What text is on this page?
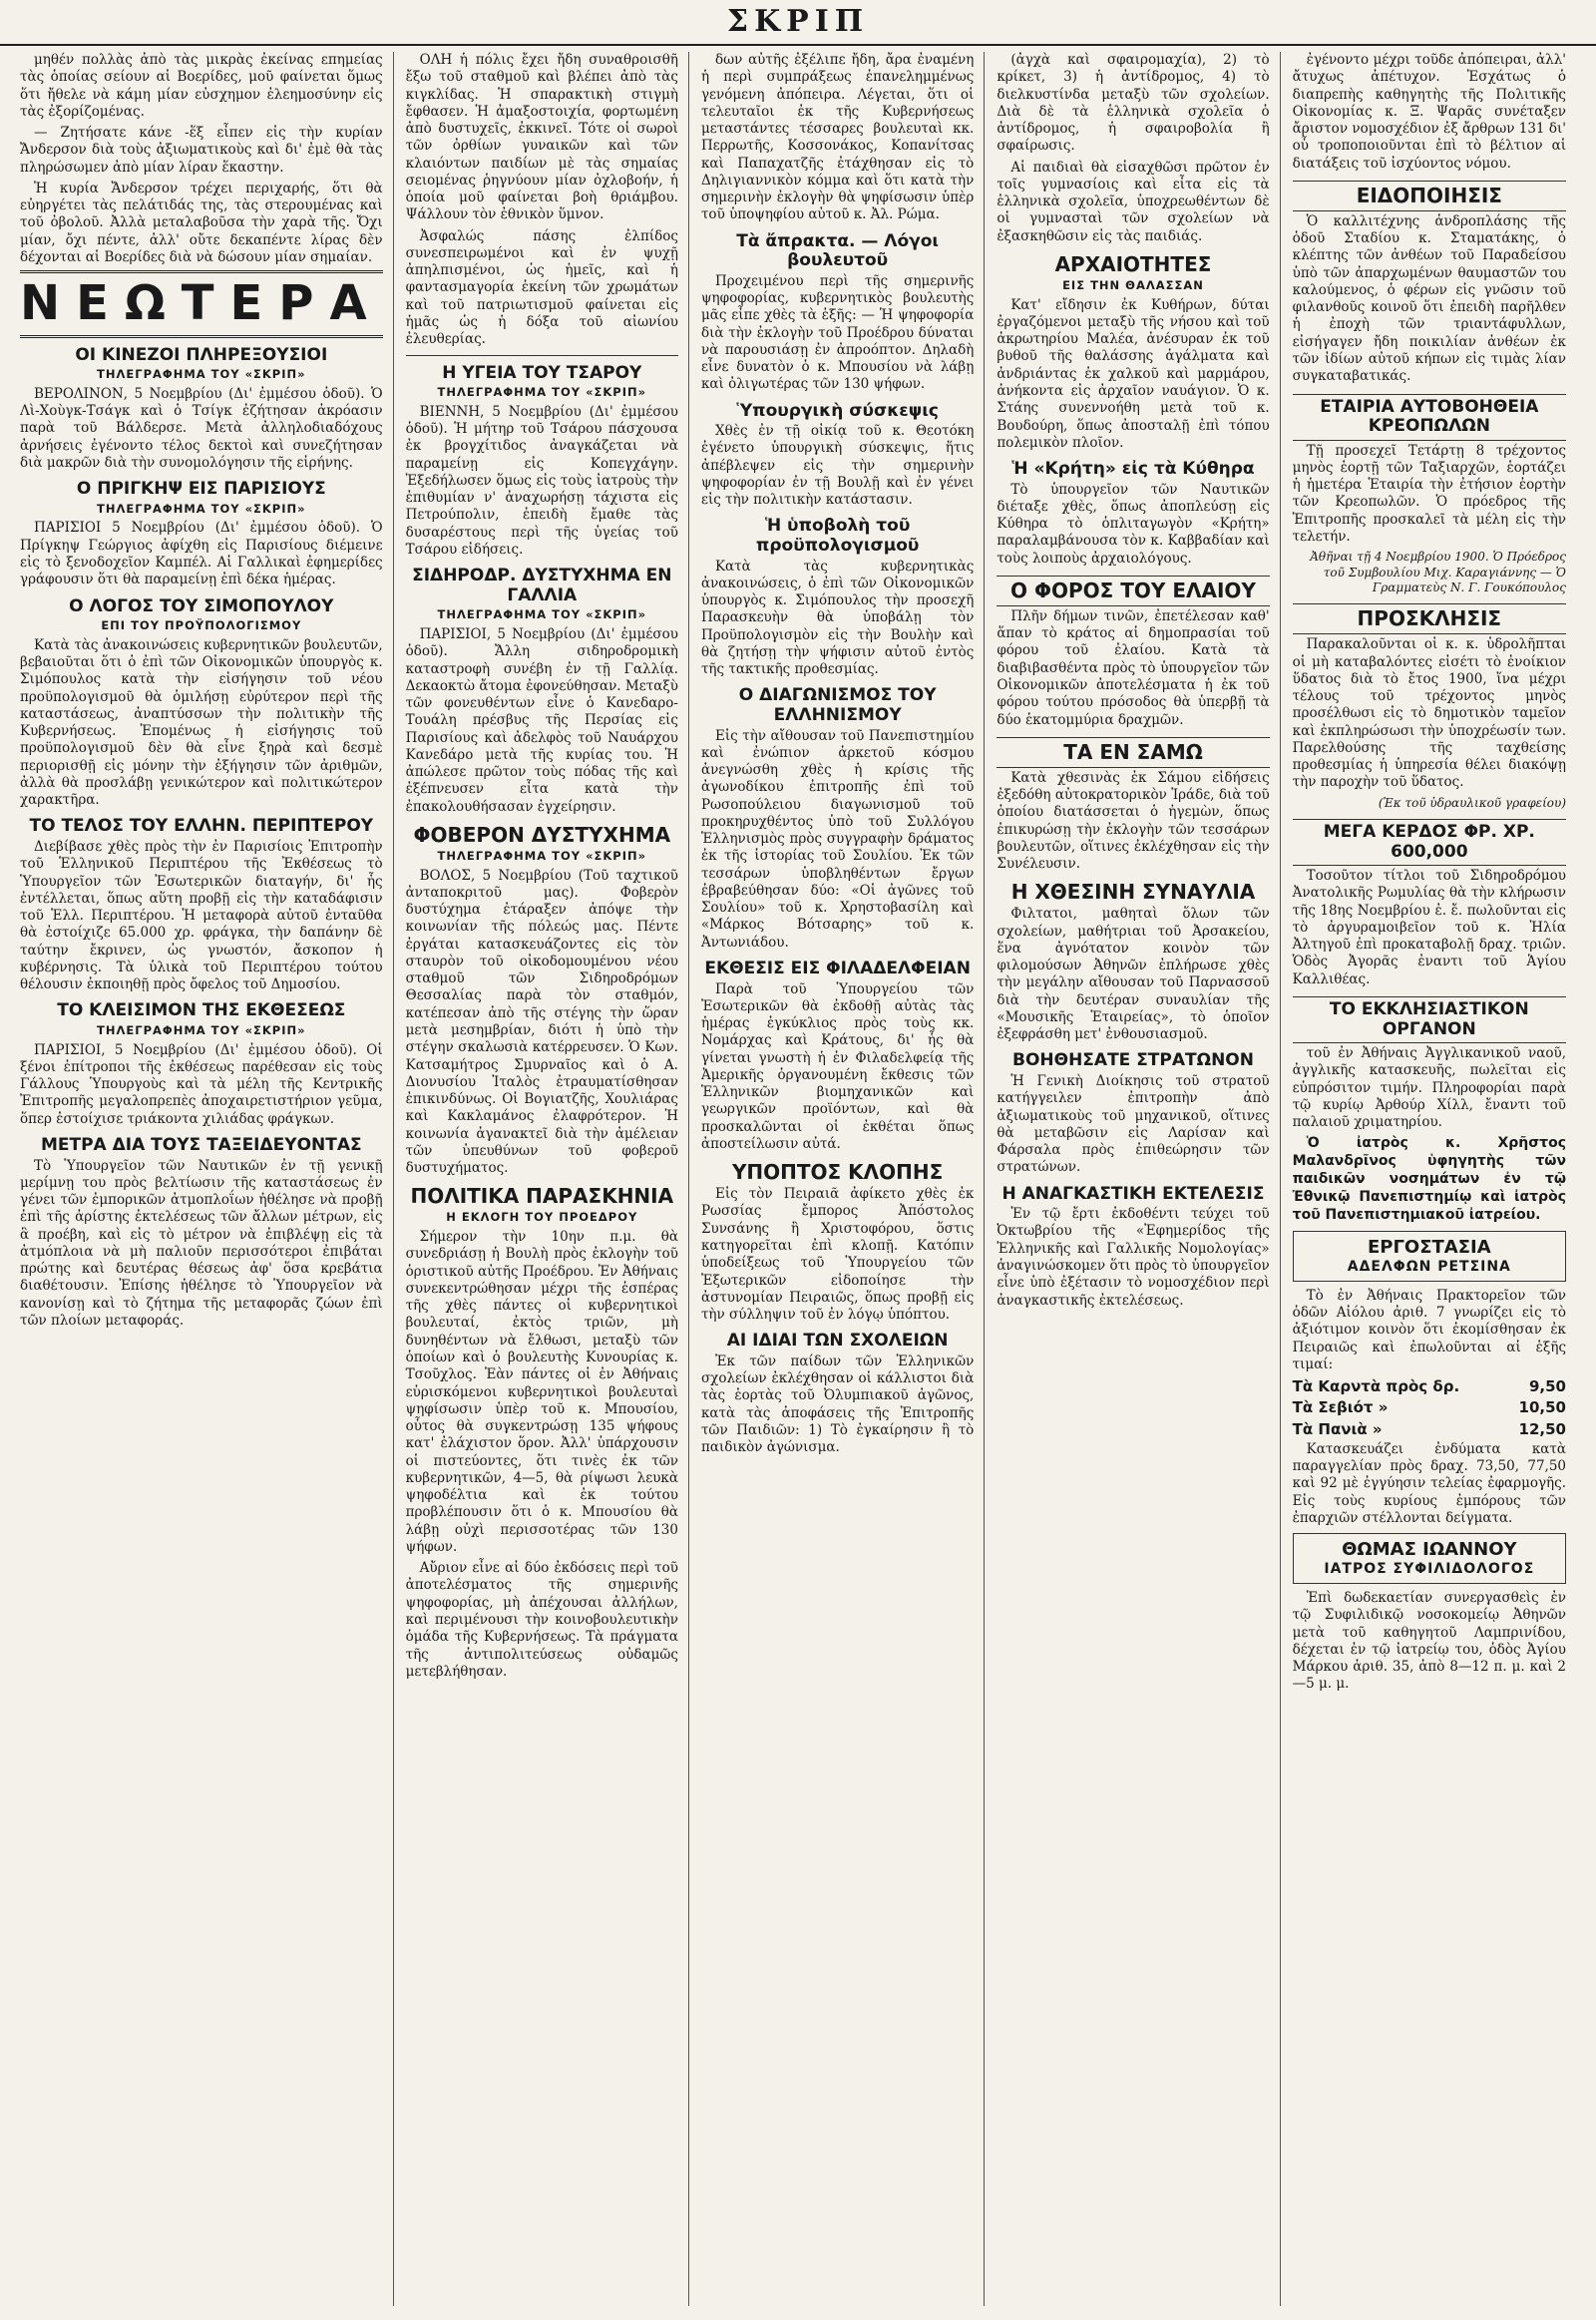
ΣΚΡΙΠ

μηθέν πολλὰς ἀπὸ τὰς μικρὰς ἐκείνας επημείας τὰς ὁποίας σείουν αἱ Βοερίδες, μοῦ φαίνεται ὅμως ὅτι ἤθελε νὰ κάμη μίαν εὐσχημον ἐλεημοσύνην εἰς τὰς ἐξορίζομένας.

— Ζητήσατε κάνε -ἕξ εἶπεν εἰς τὴν κυρίαν Ἄνδερσον διὰ τοὺς ἀξιωματικοὺς καὶ δι' ἐμὲ θὰ τὰς πληρώσωμεν ἀπὸ μίαν λίραν ἕκαστην.

Ἡ κυρία Ἄνδερσον τρέχει περιχαρής, ὅτι θὰ εὐηργέτει τὰς πελάτιδάς της, τὰς στερουμένας καὶ τοῦ ὀβολοῦ. Ἀλλὰ μεταλαβοῦσα τὴν χαρὰ τῆς. Ὄχι μίαν, ὄχι πέντε, ἀλλ' οὔτε δεκαπέντε λίρας δὲν δέχονται αἱ Βοερίδες διὰ νὰ δώσουν μίαν σημαίαν.

ΝΕΩΤΕΡΑ
ΟΙ ΚΙΝΕΖΟΙ ΠΛΗΡΕΞΟΥΣΙΟΙ
ΤΗΛΕΓΡΑΦΗΜΑ ΤΟΥ «ΣΚΡΙΠ»

ΒΕΡΟΛΙΝΟΝ, 5 Νοεμβρίου (Δι' ἐμμέσου ὁδοῦ). Ὁ Λὶ-Χοὺγκ-Τσάγκ καὶ ὁ Τσίγκ ἐζήτησαν ἀκρόασιν παρὰ τοῦ Βάλδερσε. Μετὰ ἀλληλοδιαδόχους ἀρνήσεις ἐγένοντο τέλος δεκτοὶ καὶ συνεζήτησαν διὰ μακρῶν διὰ τὴν συνομολόγησιν τῆς εἰρήνης.

Ο ΠΡΙΓΚΗΨ ΕΙΣ ΠΑΡΙΣΙΟΥΣ
ΤΗΛΕΓΡΑΦΗΜΑ ΤΟΥ «ΣΚΡΙΠ»

ΠΑΡΙΣΙΟΙ 5 Νοεμβρίου (Δι' ἐμμέσου ὁδοῦ). Ὁ Πρίγκηψ Γεώργιος ἀφίχθη εἰς Παρισίους διέμεινε εἰς τὸ ξενοδοχεῖον Καμπέλ. Αἱ Γαλλικαὶ ἐφημερίδες γράφουσιν ὅτι θὰ παραμείνῃ ἐπὶ δέκα ἡμέρας.

Ο ΛΟΓΟΣ ΤΟΥ ΣΙΜΟΠΟΥΛΟΥ
ΕΠΙ ΤΟΥ ΠΡΟΫΠΟΛΟΓΙΣΜΟΥ

Κατὰ τὰς ἀνακοινώσεις κυβερνητικῶν βουλευτῶν, βεβαιοῦται ὅτι ὁ ἐπὶ τῶν Οἰκονομικῶν ὑπουργὸς κ. Σιμόπουλος κατὰ τὴν εἰσήγησιν τοῦ νέου προϋπολογισμοῦ θὰ ὁμιλήσῃ εὐρύτερον περὶ τῆς καταστάσεως, ἀναπτύσσων τὴν πολιτικὴν τῆς Κυβερνήσεως. Ἐπομένως ἡ εἰσήγησις τοῦ προϋπολογισμοῦ δὲν θὰ εἶνε ξηρὰ καὶ δεσμὲ περιορισθῇ εἰς μόνην τὴν ἐξήγησιν τῶν ἀριθμῶν, ἀλλὰ θὰ προσλάβῃ γενικώτερον καὶ πολιτικώτερον χαρακτῆρα.

ΤΟ ΤΕΛΟΣ ΤΟΥ ΕΛΛΗΝ. ΠΕΡΙΠΤΕΡΟΥ

Διεβίβασε χθὲς πρὸς τὴν ἐν Παρισίοις Ἐπιτροπὴν τοῦ Ἑλληνικοῦ Περιπτέρου τῆς Ἐκθέσεως τὸ Ὑπουργεῖον τῶν Ἐσωτερικῶν διαταγήν, δι' ἧς ἐντέλλεται, ὅπως αὕτη προβῇ εἰς τὴν καταδάφισιν τοῦ Ἑλλ. Περιπτέρου. Ἡ μεταφορὰ αὐτοῦ ἐνταῦθα θὰ ἐστοίχιζε 65.000 χρ. φράγκα, τὴν δαπάνην δὲ ταύτην ἔκρινεν, ὡς γνωστόν, ἄσκοπον ἡ κυβέρνησις. Τὰ ὑλικὰ τοῦ Περιπτέρου τούτου θέλουσιν ἐκποιηθῇ πρὸς ὄφελος τοῦ Δημοσίου.

ΤΟ ΚΛΕΙΣΙΜΟΝ ΤΗΣ ΕΚΘΕΣΕΩΣ
ΤΗΛΕΓΡΑΦΗΜΑ ΤΟΥ «ΣΚΡΙΠ»

ΠΑΡΙΣΙΟΙ, 5 Νοεμβρίου (Δι' ἐμμέσου ὁδοῦ). Οἱ ξένοι ἐπίτροποι τῆς ἐκθέσεως παρέθεσαν εἰς τοὺς Γάλλους Ὑπουργοὺς καὶ τὰ μέλη τῆς Κεντρικῆς Ἐπιτροπῆς μεγαλοπρεπὲς ἀποχαιρετιστήριον γεῦμα, ὅπερ ἐστοίχισε τριάκοντα χιλιάδας φράγκων.

ΜΕΤΡΑ ΔΙΑ ΤΟΥΣ ΤΑΞΕΙΔΕΥΟΝΤΑΣ

Τὸ Ὑπουργεῖον τῶν Ναυτικῶν ἐν τῇ γενικῇ μερίμνῃ του πρὸς βελτίωσιν τῆς καταστάσεως ἐν γένει τῶν ἐμπορικῶν ἀτμοπλοΐων ἠθέλησε νὰ προβῇ ἐπὶ τῆς ἀρίστης ἐκτελέσεως τῶν ἄλλων μέτρων, εἰς ἃ προέβη, καὶ εἰς τὸ μέτρον νὰ ἐπιβλέψῃ εἰς τὰ ἀτμόπλοια νὰ μὴ παλιοῦν περισσότεροι ἐπιβάται πρώτης καὶ δευτέρας θέσεως ἀφ' ὅσα κρεβάτια διαθέτουσιν. Ἐπίσης ἠθέλησε τὸ Ὑπουργεῖον νὰ κανονίσῃ καὶ τὸ ζήτημα τῆς μεταφορᾶς ζώων ἐπὶ τῶν πλοίων μεταφοράς.

ΟΛΗ ἡ πόλις ἔχει ἤδη συναθροισθῆ ἔξω τοῦ σταθμοῦ καὶ βλέπει ἀπὸ τὰς κιγκλίδας. Ἡ σπαρακτικὴ στιγμὴ ἔφθασεν. Ἡ ἀμαξοστοιχία, φορτωμένη ἀπὸ δυστυχεῖς, ἐκκινεῖ. Τότε οἱ σωροὶ τῶν ὀρθίων γυναικῶν καὶ τῶν κλαιόντων παιδίων μὲ τὰς σημαίας σειομένας ῥηγνύουν μίαν ὀχλοβοήν, ἡ ὁποία μοῦ φαίνεται βοὴ θριάμβου. Ψάλλουν τὸν ἐθνικὸν ὕμνον.

Ἀσφαλώς πάσης ἐλπίδος συνεσπειρωμένοι καὶ ἐν ψυχῇ ἀπηλπισμένοι, ὡς ἡμεῖς, καὶ ἡ φαντασμαγορία ἐκείνη τῶν χρωμάτων καὶ τοῦ πατριωτισμοῦ φαίνεται εἰς ἡμᾶς ὡς ἡ δόξα τοῦ αἰωνίου ἐλευθερίας.

Η ΥΓΕΙΑ ΤΟΥ ΤΣΑΡΟΥ
ΤΗΛΕΓΡΑΦΗΜΑ ΤΟΥ «ΣΚΡΙΠ»

ΒΙΕΝΝΗ, 5 Νοεμβρίου (Δι' ἐμμέσου ὁδοῦ). Ἡ μήτηρ τοῦ Τσάρου πάσχουσα ἐκ βρογχίτιδος ἀναγκάζεται νὰ παραμείνῃ εἰς Κοπεγχάγην. Ἐξεδήλωσεν ὅμως εἰς τοὺς ἰατροὺς τὴν ἐπιθυμίαν ν' ἀναχωρήσῃ τάχιστα εἰς Πετρούπολιν, ἐπειδὴ ἔμαθε τὰς δυσαρέστους περὶ τῆς ὑγείας τοῦ Τσάρου εἰδήσεις.

ΣΙΔΗΡΟΔΡ. ΔΥΣΤΥΧΗΜΑ ΕΝ ΓΑΛΛΙΑ
ΤΗΛΕΓΡΑΦΗΜΑ ΤΟΥ «ΣΚΡΙΠ»

ΠΑΡΙΣΙΟΙ, 5 Νοεμβρίου (Δι' ἐμμέσου ὁδοῦ). Ἄλλη σιδηροδρομικὴ καταστροφὴ συνέβη ἐν τῇ Γαλλίᾳ. Δεκαοκτὼ ἄτομα ἐφονεύθησαν. Μεταξὺ τῶν φονευθέντων εἶνε ὁ Κανεδαρο-Τουάλη πρέσβυς τῆς Περσίας εἰς Παρισίους καὶ ἀδελφὸς τοῦ Ναυάρχου Κανεδάρο μετὰ τῆς κυρίας του. Ἡ ἀπώλεσε πρῶτον τοὺς πόδας τῆς καὶ ἐξέπνευσεν εἶτα κατὰ τὴν ἐπακολουθήσασαν ἐγχείρησιν.

ΦΟΒΕΡΟΝ ΔΥΣΤΥΧΗΜΑ
ΤΗΛΕΓΡΑΦΗΜΑ ΤΟΥ «ΣΚΡΙΠ»

ΒΟΛΟΣ, 5 Νοεμβρίου (Τοῦ ταχτικοῦ ἀνταποκριτοῦ μας). Φοβερὸν δυστύχημα ἐτάραξεν ἀπόψε τὴν κοινωνίαν τῆς πόλεώς μας. Πέντε ἐργάται κατασκευάζοντες εἰς τὸν σταυρὸν τοῦ οἰκοδομουμένου νέου σταθμοῦ τῶν Σιδηροδρόμων Θεσσαλίας παρὰ τὸν σταθμόν, κατέπεσαν ἀπὸ τῆς στέγης τὴν ὥραν μετὰ μεσημβρίαν, διότι ἡ ὑπὸ τὴν στέγην σκαλωσιὰ κατέρρευσεν. Ὁ Κων. Κατσαμήτρος Σμυρναῖος καὶ ὁ Α. Διονυσίου Ἰταλὸς ἐτραυματίσθησαν ἐπικινδύνως. Οἱ Βογιατζῆς, Χουλιάρας καὶ Κακλαμάνος ἐλαφρότερον. Ἡ κοινωνία ἀγανακτεῖ διὰ τὴν ἀμέλειαν τῶν ὑπευθύνων τοῦ φοβεροῦ δυστυχήματος.

ΠΟΛΙΤΙΚΑ ΠΑΡΑΣΚΗΝΙΑ
Η ΕΚΛΟΓΗ ΤΟΥ ΠΡΟΕΔΡΟΥ

Σήμερον τὴν 10ην π.μ. θὰ συνεδριάσῃ ἡ Βουλὴ πρὸς ἐκλογὴν τοῦ ὁριστικοῦ αὐτῆς Προέδρου. Ἐν Ἀθήναις συνεκεντρώθησαν μέχρι τῆς ἑσπέρας τῆς χθὲς πάντες οἱ κυβερνητικοὶ βουλευταί, ἐκτὸς τριῶν, μὴ δυνηθέντων νὰ ἔλθωσι, μεταξὺ τῶν ὁποίων καὶ ὁ βουλευτὴς Κυνουρίας κ. Τσοῦχλος. Ἐὰν πάντες οἱ ἐν Ἀθήναις εὑρισκόμενοι κυβερνητικοὶ βουλευταὶ ψηφίσωσιν ὑπὲρ τοῦ κ. Μπουσίου, οὗτος θὰ συγκεντρώσῃ 135 ψήφους κατ' ἐλάχιστον ὅρον. Ἀλλ' ὑπάρχουσιν οἱ πιστεύοντες, ὅτι τινὲς ἐκ τῶν κυβερνητικῶν, 4—5, θὰ ρίψωσι λευκὰ ψηφοδέλτια καὶ ἐκ τούτου προβλέπουσιν ὅτι ὁ κ. Μπουσίου θὰ λάβῃ οὐχὶ περισσοτέρας τῶν 130 ψήφων.

Αὔριον εἶνε αἱ δύο ἐκδόσεις περὶ τοῦ ἀποτελέσματος τῆς σημερινῆς ψηφοφορίας, μὴ ἀπέχουσαι ἀλλήλων, καὶ περιμένουσι τὴν κοινοβουλευτικὴν ὁμάδα τῆς Κυβερνήσεως. Τὰ πράγματα τῆς ἀντιπολιτεύσεως οὐδαμῶς μετεβλήθησαν.

δων αὐτῆς ἐξέλιπε ἤδη, ἄρα ἐναμένη ἡ περὶ συμπράξεως ἐπανελημμένως γενόμενη ἀπόπειρα. Λέγεται, ὅτι οἱ τελευταῖοι ἐκ τῆς Κυβερνήσεως μεταστάντες τέσσαρες βουλευταὶ κκ. Περρωτῆς, Κοσσονάκος, Κοπανίτσας καὶ Παπαχατζῆς ἐτάχθησαν εἰς τὸ Δηλιγιαννικὸν κόμμα καὶ ὅτι κατὰ τὴν σημερινὴν ἐκλογὴν θὰ ψηφίσωσιν ὑπὲρ τοῦ ὑποψηφίου αὐτοῦ κ. Ἀλ. Ρώμα.

Τὰ ἄπρακτα. — Λόγοι βουλευτοῦ

Προχειμένου περὶ τῆς σημερινῆς ψηφοφορίας, κυβερνητικὸς βουλευτὴς μᾶς εἶπε χθὲς τὰ ἑξῆς: — Ἡ ψηφοφορία διὰ τὴν ἐκλογὴν τοῦ Προέδρου δύναται νὰ παρουσιάσῃ ἐν ἀπροόπτον. Δηλαδὴ εἶνε δυνατὸν ὁ κ. Μπουσίου νὰ λάβῃ καὶ ὀλιγωτέρας τῶν 130 ψήφων.

Ὑπουργικὴ σύσκεψις

Χθὲς ἐν τῇ οἰκίᾳ τοῦ κ. Θεοτόκη ἐγένετο ὑπουργικὴ σύσκεψις, ἥτις ἀπέβλεψεν εἰς τὴν σημερινὴν ψηφοφορίαν ἐν τῇ Βουλῇ καὶ ἐν γένει εἰς τὴν πολιτικὴν κατάστασιν.

Ἡ ὑποβολὴ τοῦ προϋπολογισμοῦ

Κατὰ τὰς κυβερνητικὰς ἀνακοινώσεις, ὁ ἐπὶ τῶν Οἰκονομικῶν ὑπουργὸς κ. Σιμόπουλος τὴν προσεχῆ Παρασκευὴν θὰ ὑποβάλῃ τὸν Προϋπολογισμὸν εἰς τὴν Βουλὴν καὶ θὰ ζητήσῃ τὴν ψήφισιν αὐτοῦ ἐντὸς τῆς τακτικῆς προθεσμίας.

Ο ΔΙΑΓΩΝΙΣΜΟΣ ΤΟΥ ΕΛΛΗΝΙΣΜΟΥ

Εἰς τὴν αἴθουσαν τοῦ Πανεπιστημίου καὶ ἐνώπιον ἀρκετοῦ κόσμου ἀνεγνώσθη χθὲς ἡ κρίσις τῆς ἀγωνοδίκου ἐπιτροπῆς ἐπὶ τοῦ Ρωσοπούλειου διαγωνισμοῦ τοῦ προκηρυχθέντος ὑπὸ τοῦ Συλλόγου Ἑλληνισμὸς πρὸς συγγραφὴν δράματος ἐκ τῆς ἱστορίας τοῦ Σουλίου. Ἐκ τῶν τεσσάρων ὑποβληθέντων ἔργων ἐβραβεύθησαν δύο: «Οἱ ἀγῶνες τοῦ Σουλίου» τοῦ κ. Χρηστοβασίλη καὶ «Μάρκος Βότσαρης» τοῦ κ. Ἀντωνιάδου.

ΕΚΘΕΣΙΣ ΕΙΣ ΦΙΛΑΔΕΛΦΕΙΑΝ

Παρὰ τοῦ Ὑπουργείου τῶν Ἐσωτερικῶν θὰ ἐκδοθῇ αὐτὰς τὰς ἡμέρας ἐγκύκλιος πρὸς τοὺς κκ. Νομάρχας καὶ Κράτους, δι' ἧς θὰ γίνεται γνωστὴ ἡ ἐν Φιλαδελφείᾳ τῆς Ἀμερικῆς ὀργανουμένη ἔκθεσις τῶν Ἑλληνικῶν βιομηχανικῶν καὶ γεωργικῶν προϊόντων, καὶ θὰ προσκαλῶνται οἱ ἐκθέται ὅπως ἀποστείλωσιν αὐτά.

ΥΠΟΠΤΟΣ ΚΛΟΠΗΣ

Εἰς τὸν Πειραιᾶ ἀφίκετο χθὲς ἐκ Ρωσσίας ἔμπορος Ἀπόστολος Συνσάνης ἢ Χριστοφόρου, ὅστις κατηγορεῖται ἐπὶ κλοπῇ. Κατόπιν ὑποδείξεως τοῦ Ὑπουργείου τῶν Ἐξωτερικῶν εἰδοποίησε τὴν ἀστυνομίαν Πειραιῶς, ὅπως προβῇ εἰς τὴν σύλληψιν τοῦ ἐν λόγῳ ὑπόπτου.

ΑΙ ΙΔΙΑΙ ΤΩΝ ΣΧΟΛΕΙΩΝ

Ἐκ τῶν παίδων τῶν Ἑλληνικῶν σχολείων ἐκλέχθησαν οἱ κάλλιστοι διὰ τὰς ἑορτὰς τοῦ Ὀλυμπιακοῦ ἀγῶνος, κατὰ τὰς ἀποφάσεις τῆς Ἐπιτροπῆς τῶν Παιδιῶν: 1) Τὸ ἐγκαίρησιν ἢ τὸ παιδικὸν ἀγώνισμα.

(ἀγχὰ καὶ σφαιρομαχία), 2) τὸ κρίκετ, 3) ἡ ἀντίδρομος, 4) τὸ διελκυστίνδα μεταξὺ τῶν σχολείων. Διὰ δὲ τὰ ἑλληνικὰ σχολεῖα ὁ ἀντίδρομος, ἡ σφαιροβολία ἢ σφαίρωσις.

Αἱ παιδιαὶ θὰ εἰσαχθῶσι πρῶτον ἐν τοῖς γυμνασίοις καὶ εἶτα εἰς τὰ ἑλληνικὰ σχολεῖα, ὑποχρεωθέντων δὲ οἱ γυμνασταὶ τῶν σχολείων νὰ ἐξασκηθῶσιν εἰς τὰς παιδιάς.

ΑΡΧΑΙΟΤΗΤΕΣ
ΕΙΣ ΤΗΝ ΘΑΛΑΣΣΑΝ

Κατ' εἴδησιν ἐκ Κυθήρων, δύται ἐργαζόμενοι μεταξὺ τῆς νήσου καὶ τοῦ ἀκρωτηρίου Μαλέα, ἀνέσυραν ἐκ τοῦ βυθοῦ τῆς θαλάσσης ἀγάλματα καὶ ἀνδριάντας ἐκ χαλκοῦ καὶ μαρμάρου, ἀνήκοντα εἰς ἀρχαῖον ναυάγιον. Ὁ κ. Στάης συνεννοήθη μετὰ τοῦ κ. Βουδούρη, ὅπως ἀποσταλῇ ἐπὶ τόπου πολεμικὸν πλοῖον.

Ἡ «Κρήτη» εἰς τὰ Κύθηρα

Τὸ ὑπουργεῖον τῶν Ναυτικῶν διέταξε χθὲς, ὅπως ἀποπλεύσῃ εἰς Κύθηρα τὸ ὁπλιταγωγὸν «Κρήτη» παραλαμβάνουσα τὸν κ. Καββαδίαν καὶ τοὺς λοιποὺς ἀρχαιολόγους.

Ο ΦΟΡΟΣ ΤΟΥ ΕΛΑΙΟΥ

Πλῆν δήμων τινῶν, ἐπετέλεσαν καθ' ἅπαν τὸ κράτος αἱ δημοπρασίαι τοῦ φόρου τοῦ ἐλαίου. Κατὰ τὰ διαβιβασθέντα πρὸς τὸ ὑπουργεῖον τῶν Οἰκονομικῶν ἀποτελέσματα ἡ ἐκ τοῦ φόρου τούτου πρόσοδος θὰ ὑπερβῇ τὰ δύο ἑκατομμύρια δραχμῶν.

ΤΑ ΕΝ ΣΑΜΩ

Κατὰ χθεσινὰς ἐκ Σάμου εἰδήσεις ἐξεδόθη αὐτοκρατορικὸν Ἱράδε, διὰ τοῦ ὁποίου διατάσσεται ὁ ἡγεμὼν, ὅπως ἐπικυρώσῃ τὴν ἐκλογὴν τῶν τεσσάρων βουλευτῶν, οἵτινες ἐκλέχθησαν εἰς τὴν Συνέλευσιν.

Η ΧΘΕΣΙΝΗ ΣΥΝΑΥΛΙΑ

Φιλτατοι, μαθηταὶ ὅλων τῶν σχολείων, μαθήτριαι τοῦ Ἀρσακείου, ἕνα ἀγνότατον κοινὸν τῶν φιλομούσων Ἀθηνῶν ἐπλήρωσε χθὲς τὴν μεγάλην αἴθουσαν τοῦ Παρνασσοῦ διὰ τὴν δευτέραν συναυλίαν τῆς «Μουσικῆς Ἑταιρείας», τὸ ὁποῖον ἐξεφράσθη μετ' ἐνθουσιασμοῦ.

ΒΟΗΘΗΣΑΤΕ ΣΤΡΑΤΩΝΟΝ

Ἡ Γενικὴ Διοίκησις τοῦ στρατοῦ κατήγγειλεν ἐπιτροπὴν ἀπὸ ἀξιωματικοὺς τοῦ μηχανικοῦ, οἵτινες θὰ μεταβῶσιν εἰς Λαρίσαν καὶ Φάρσαλα πρὸς ἐπιθεώρησιν τῶν στρατώνων.

Η ΑΝΑΓΚΑΣΤΙΚΗ ΕΚΤΕΛΕΣΙΣ

Ἐν τῷ ἔρτι ἐκδοθέντι τεύχει τοῦ Ὀκτωβρίου τῆς «Ἐφημερίδος τῆς Ἑλληνικῆς καὶ Γαλλικῆς Νομολογίας» ἀναγινώσκομεν ὅτι πρὸς τὸ ὑπουργεῖον εἶνε ὑπὸ ἐξέτασιν τὸ νομοσχέδιον περὶ ἀναγκαστικῆς ἐκτελέσεως.

ἐγένοντο μέχρι τοῦδε ἀπόπειραι, ἀλλ' ἄτυχως ἀπέτυχον. Ἐσχάτως ὁ διαπρεπὴς καθηγητὴς τῆς Πολιτικῆς Οἰκονομίας κ. Ξ. Ψαρᾶς συνέταξεν ἄριστον νομοσχέδιον ἐξ ἄρθρων 131 δι' οὗ τροποποιοῦνται ἐπὶ τὸ βέλτιον αἱ διατάξεις τοῦ ἰσχύοντος νόμου.

ΕΙΔΟΠΟΙΗΣΙΣ

Ὁ καλλιτέχνης ἀνδροπλάσης τῆς ὁδοῦ Σταδίου κ. Σταματάκης, ὁ κλέπτης τῶν ἀνθέων τοῦ Παραδείσου ὑπὸ τῶν ἀπαρχωμένων θαυμαστῶν του καλούμενος, ὁ φέρων εἰς γνῶσιν τοῦ φιλανθοῦς κοινοῦ ὅτι ἐπειδὴ παρῆλθεν ἡ ἐποχὴ τῶν τριαντάφυλλων, εἰσήγαγεν ἤδη ποικιλίαν ἀνθέων ἐκ τῶν ἰδίων αὐτοῦ κήπων εἰς τιμὰς λίαν συγκαταβατικάς.

ΕΤΑΙΡΙΑ ΑΥΤΟΒΟΗΘΕΙΑ ΚΡΕΟΠΩΛΩΝ

Τῇ προσεχεῖ Τετάρτῃ 8 τρέχοντος μηνὸς ἑορτῇ τῶν Ταξιαρχῶν, ἑορτάζει ἡ ἡμετέρα Ἑταιρία τὴν ἐτήσιον ἑορτὴν τῶν Κρεοπωλῶν. Ὁ πρόεδρος τῆς Ἐπιτροπῆς προσκαλεῖ τὰ μέλη εἰς τὴν τελετήν.

Ἀθῆναι τῇ 4 Νοεμβρίου 1900. Ὁ Πρόεδρος τοῦ Συμβουλίου Μιχ. Καραγιάννης — Ὁ Γραμματεὺς Ν. Γ. Γουκόπουλος
ΠΡΟΣΚΛΗΣΙΣ

Παρακαλοῦνται οἱ κ. κ. ὑδρολῆπται οἱ μὴ καταβαλόντες εἰσέτι τὸ ἐνοίκιον ὕδατος διὰ τὸ ἔτος 1900, ἵνα μέχρι τέλους τοῦ τρέχοντος μηνὸς προσέλθωσι εἰς τὸ δημοτικὸν ταμεῖον καὶ ἐκπληρώσωσι τὴν ὑποχρέωσίν των. Παρελθούσης τῆς ταχθείσης προθεσμίας ἡ ὑπηρεσία θέλει διακόψῃ τὴν παροχὴν τοῦ ὕδατος.

(Ἐκ τοῦ ὑδραυλικοῦ γραφείου)
ΜΕΓΑ ΚΕΡΔΟΣ ΦΡ. ΧΡ. 600,000

Τοσοῦτον τίτλοι τοῦ Σιδηροδρόμου Ἀνατολικῆς Ρωμυλίας θὰ τὴν κλήρωσιν τῆς 18ης Νοεμβρίου ἐ. ἔ. πωλοῦνται εἰς τὸ ἀργυραμοιβεῖον τοῦ κ. Ἠλία Ἀλτηγοῦ ἐπὶ προκαταβολῇ δραχ. τριῶν. Ὁδὸς Ἀγορᾶς ἐναντι τοῦ Ἁγίου Καλλιθέας.

ΤΟ ΕΚΚΛΗΣΙΑΣΤΙΚΟΝ ΟΡΓΑΝΟΝ

τοῦ ἐν Ἀθήναις Ἀγγλικανικοῦ ναοῦ, ἀγγλικῆς κατασκευῆς, πωλεῖται εἰς εὐπρόσιτον τιμήν. Πληροφορίαι παρὰ τῷ κυρίῳ Ἀρθούρ Χίλλ, ἔναντι τοῦ παλαιοῦ χριματηρίου.

Ὁ ἰατρὸς κ. Χρῆστος Μαλανδρῖνος ὑφηγητὴς τῶν παιδικῶν νοσημάτων ἐν τῷ Ἐθνικῷ Πανεπιστημίῳ καὶ ἰατρὸς τοῦ Πανεπιστημιακοῦ ἰατρείου.

ΕΡΓΟΣΤΑΣΙΑ
ΑΔΕΛΦΩΝ ΡΕΤΣΙΝΑ

Τὸ ἐν Ἀθήναις Πρακτορεῖον τῶν ὁδῶν Αἰόλου ἀριθ. 7 γνωρίζει εἰς τὸ ἀξιότιμον κοινὸν ὅτι ἐκομίσθησαν ἐκ Πειραιῶς καὶ ἐπωλοῦνται αἱ ἑξῆς τιμαί:

Τὰ Καρντὰ πρὸς δρ.	9,50
Τὰ Σεβιότ »	10,50
Τὰ Πανιὰ »	12,50

Κατασκευάζει ἐνδύματα κατὰ παραγγελίαν πρὸς δραχ. 73,50, 77,50 καὶ 92 μὲ ἐγγύησιν τελείας ἐφαρμογῆς. Εἰς τοὺς κυρίους ἐμπόρους τῶν ἐπαρχιῶν στέλλονται δείγματα.

ΘΩΜΑΣ ΙΩΑΝΝΟΥ
ΙΑΤΡΟΣ ΣΥΦΙΛΙΔΟΛΟΓΟΣ

Ἐπὶ δωδεκαετίαν συνεργασθεὶς ἐν τῷ Συφιλιδικῷ νοσοκομείῳ Ἀθηνῶν μετὰ τοῦ καθηγητοῦ Λαμπρινίδου, δέχεται ἐν τῷ ἰατρείῳ του, ὁδὸς Ἀγίου Μάρκου ἀριθ. 35, ἀπὸ 8—12 π. μ. καὶ 2—5 μ. μ.
